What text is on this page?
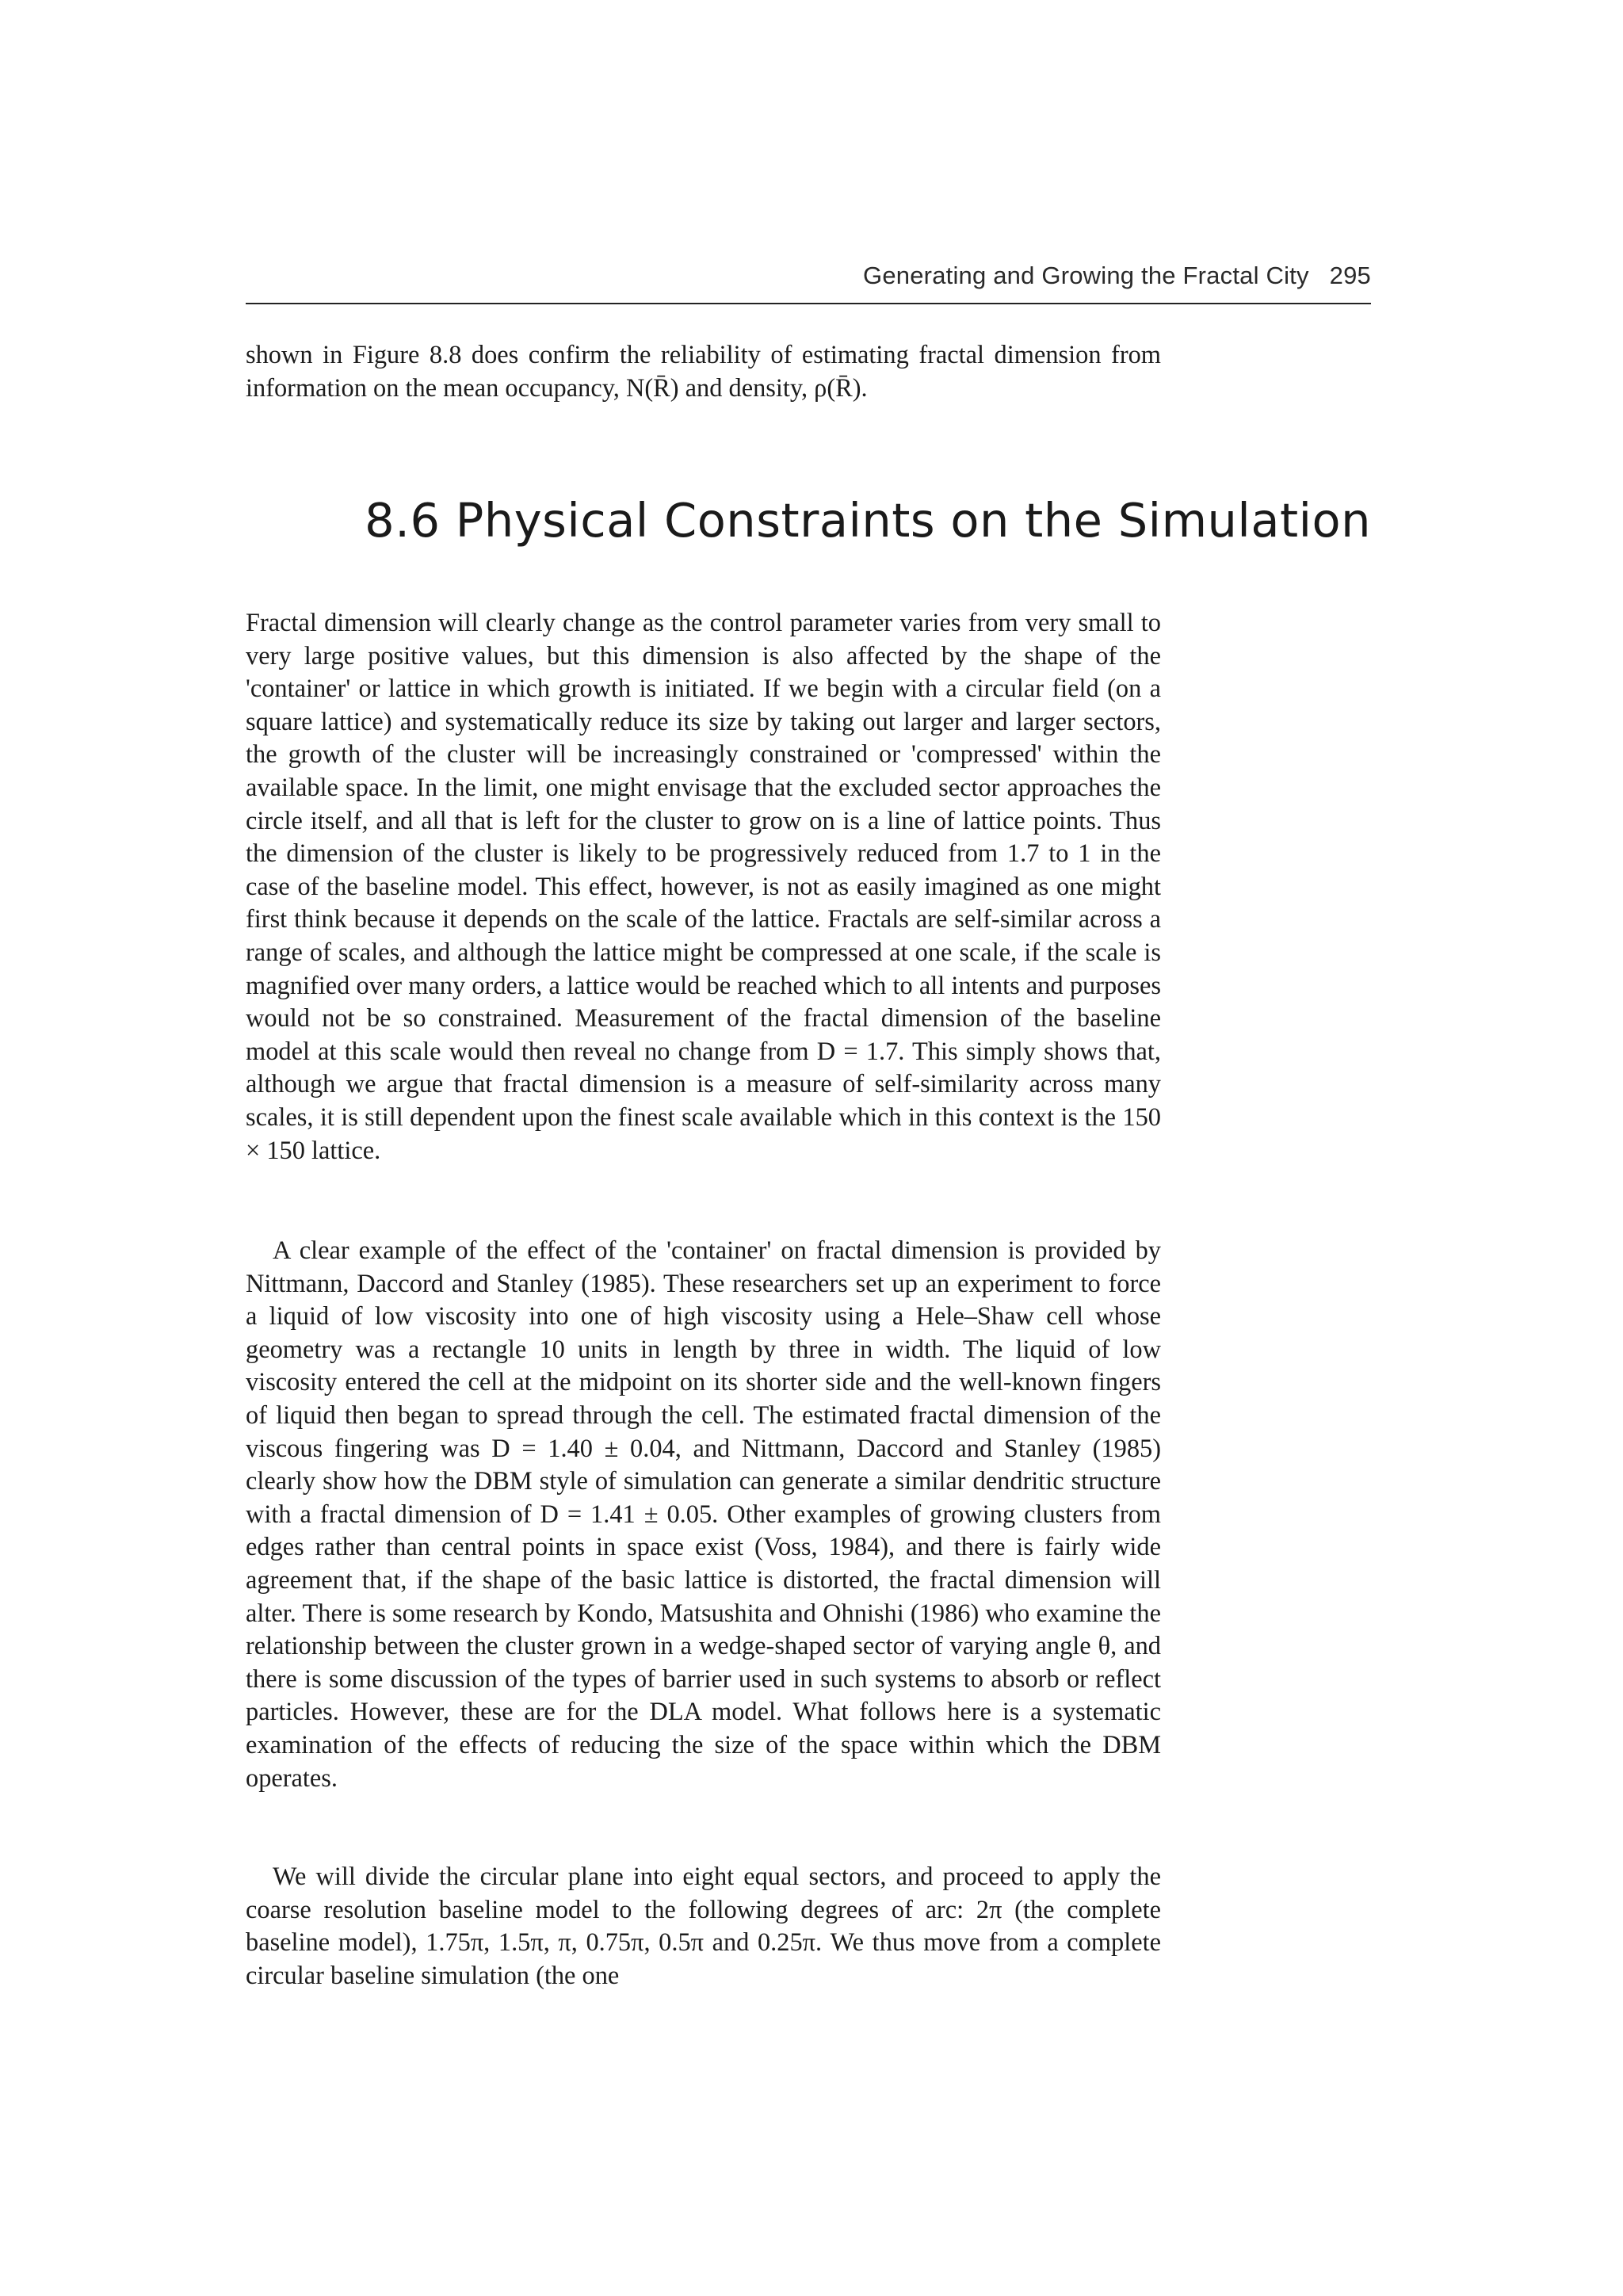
Generating and Growing the Fractal City 295

shown in Figure 8.8 does confirm the reliability of estimating fractal dimension from information on the mean occupancy, N(R̄) and density, ρ(R̄).

8.6 Physical Constraints on the Simulation

Fractal dimension will clearly change as the control parameter varies from very small to very large positive values, but this dimension is also affected by the shape of the 'container' or lattice in which growth is initiated. If we begin with a circular field (on a square lattice) and systematically reduce its size by taking out larger and larger sectors, the growth of the cluster will be increasingly constrained or 'compressed' within the available space. In the limit, one might envisage that the excluded sector approaches the circle itself, and all that is left for the cluster to grow on is a line of lattice points. Thus the dimension of the cluster is likely to be progressively reduced from 1.7 to 1 in the case of the baseline model. This effect, however, is not as easily imagined as one might first think because it depends on the scale of the lattice. Fractals are self-similar across a range of scales, and although the lattice might be compressed at one scale, if the scale is magnified over many orders, a lattice would be reached which to all intents and purposes would not be so constrained. Measurement of the fractal dimension of the baseline model at this scale would then reveal no change from D = 1.7. This simply shows that, although we argue that fractal dimension is a measure of self-similarity across many scales, it is still dependent upon the finest scale available which in this context is the 150 × 150 lattice.

A clear example of the effect of the 'container' on fractal dimension is provided by Nittmann, Daccord and Stanley (1985). These researchers set up an experiment to force a liquid of low viscosity into one of high viscosity using a Hele–Shaw cell whose geometry was a rectangle 10 units in length by three in width. The liquid of low viscosity entered the cell at the midpoint on its shorter side and the well-known fingers of liquid then began to spread through the cell. The estimated fractal dimension of the viscous fingering was D = 1.40 ± 0.04, and Nittmann, Daccord and Stanley (1985) clearly show how the DBM style of simulation can generate a similar dendritic structure with a fractal dimension of D = 1.41 ± 0.05. Other examples of growing clusters from edges rather than central points in space exist (Voss, 1984), and there is fairly wide agreement that, if the shape of the basic lattice is distorted, the fractal dimension will alter. There is some research by Kondo, Matsushita and Ohnishi (1986) who examine the relationship between the cluster grown in a wedge-shaped sector of varying angle θ, and there is some discussion of the types of barrier used in such systems to absorb or reflect particles. However, these are for the DLA model. What follows here is a systematic examination of the effects of reducing the size of the space within which the DBM operates.

We will divide the circular plane into eight equal sectors, and proceed to apply the coarse resolution baseline model to the following degrees of arc: 2π (the complete baseline model), 1.75π, 1.5π, π, 0.75π, 0.5π and 0.25π. We thus move from a complete circular baseline simulation (the one
